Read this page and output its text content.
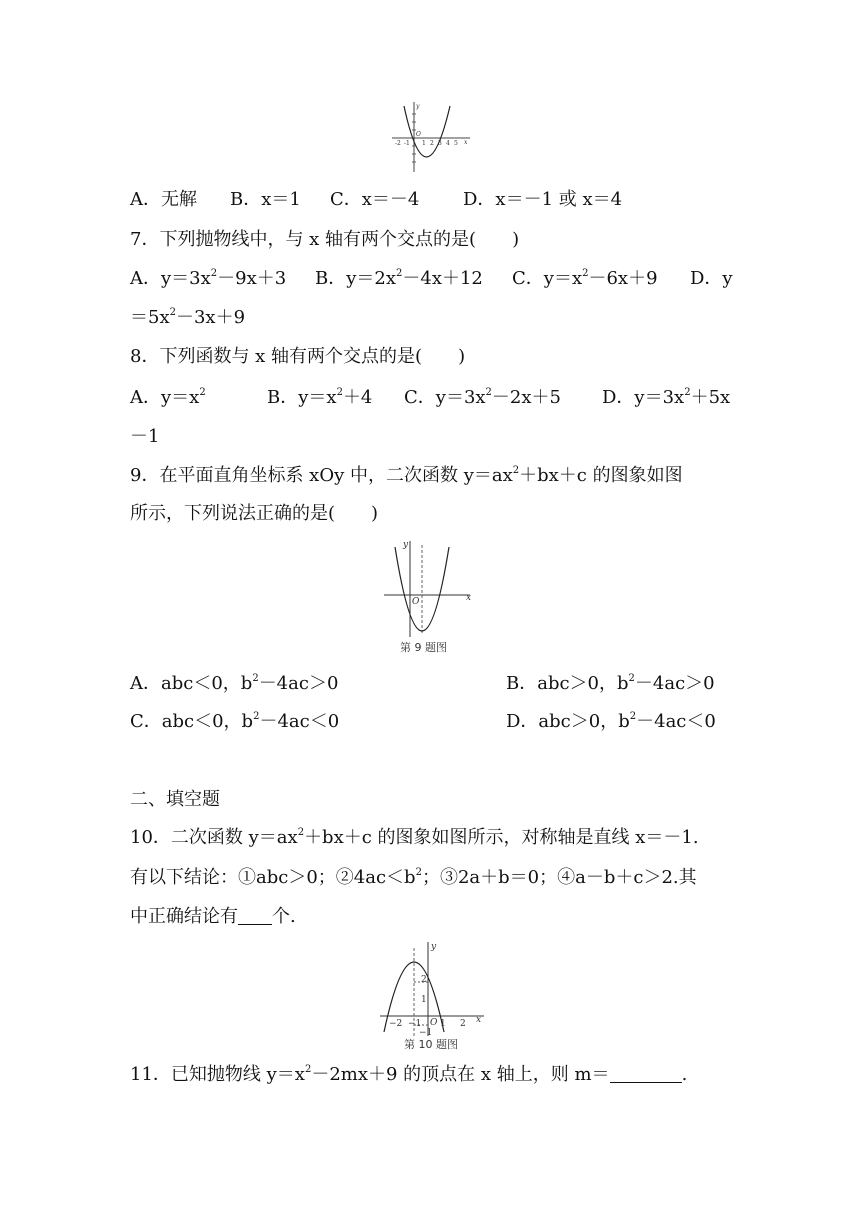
-2 -1 1 2 3 4 5 x
y
O
A．无解 B．x＝1 C．x＝－4 D．x＝－1 或 x＝4
7．下列抛物线中，与 x 轴有两个交点的是(　　)
A．$y=3x^2-9x+3$ B．$y=2x^2-4x+12$ C．$y=x^2-6x+9$ D．y
$=5x^2-3x+9$
8．下列函数与 x 轴有两个交点的是(　　)
A．$y=x^2$	B．$y=x^2+4$ C．$y=3x^2-2x+5$ D．$y=3x^2+5x$
－1
9．在平面直角坐标系 xOy 中，二次函数 $y=ax^2+bx+c$ 的图象如图
所示，下列说法正确的是(　　)
y
x
O
第 9 题图
A．abc＜0，$b^2-4ac>0$	B．abc＞0，$b^2-4ac>0$
C．abc＜0，$b^2-4ac<0$	D．abc＞0，$b^2-4ac<0$
二、填空题
10．二次函数 $y=ax^2+bx+c$ 的图象如图所示，对称轴是直线 x＝－1.
有以下结论：①abc＞0；$②4ac<b^2$；③2a＋b＝0；④a－b＋c＞2.其
中正确结论有 个.
y
x
O
−2 −1 1 2
2
1
−1
第 10 题图
11．已知抛物线 $y=x^2-2mx+9$ 的顶点在 x 轴上，则 m＝	.
